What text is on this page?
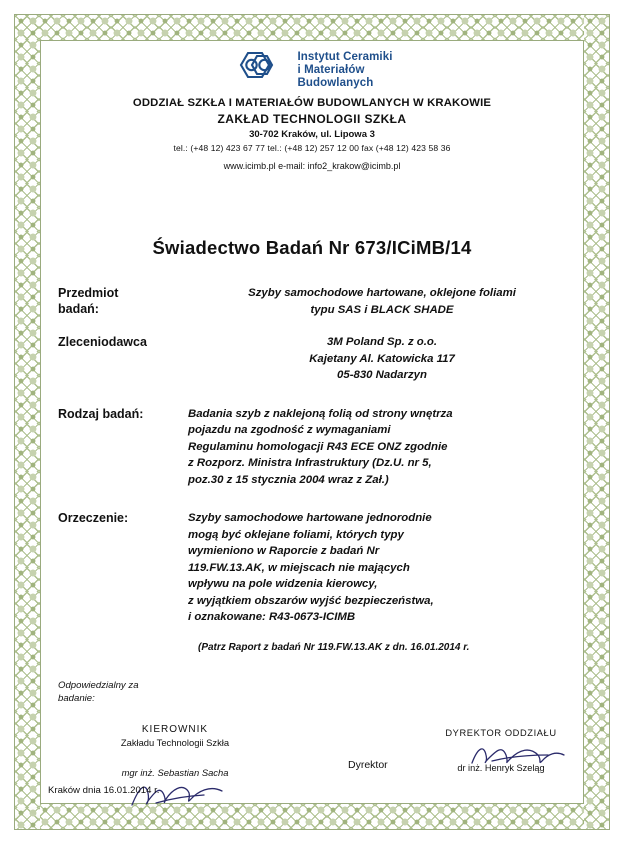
Instytut Ceramiki
i Materiałów
Budowlanych
ODDZIAŁ SZKŁA I MATERIAŁÓW BUDOWLANYCH W KRAKOWIE
ZAKŁAD TECHNOLOGII SZKŁA
30-702 Kraków, ul. Lipowa 3
tel.: (+48 12) 423 67 77 tel.: (+48 12) 257 12 00 fax (+48 12) 423 58 36
www.icimb.pl e-mail: info2_krakow@icimb.pl
Świadectwo Badań Nr 673/ICiMB/14
Przedmiot
badań:
Szyby samochodowe hartowane, oklejone foliami
typu SAS i BLACK SHADE
Zleceniodawca	3M Poland Sp. z o.o.
Kajetany Al. Katowicka 117
05-830 Nadarzyn
Rodzaj badań:	Badania szyb z naklejoną folią od strony wnętrza
pojazdu na zgodność z wymaganiami
Regulaminu homologacji R43 ECE ONZ zgodnie
z Rozporz. Ministra Infrastruktury (Dz.U. nr 5,
poz.30 z 15 stycznia 2004 wraz z Zał.)
Orzeczenie:	Szyby samochodowe hartowane jednorodnie
mogą być oklejane foliami, których typy
wymieniono w Raporcie z badań Nr
119.FW.13.AK, w miejscach nie mających
wpływu na pole widzenia kierowcy,
z wyjątkiem obszarów wyjść bezpieczeństwa,
i oznakowane: R43-0673-ICIMB
(Patrz Raport z badań Nr 119.FW.13.AK z dn. 16.01.2014 r.
Odpowiedzialny za
badanie:
KIEROWNIK
Zakładu Technologii Szkła
mgr inż. Sebastian Sacha
Kraków dnia 16.01.2014 r.
Dyrektor
DYREKTOR ODDZIAŁU
dr inż. Henryk Szeląg
